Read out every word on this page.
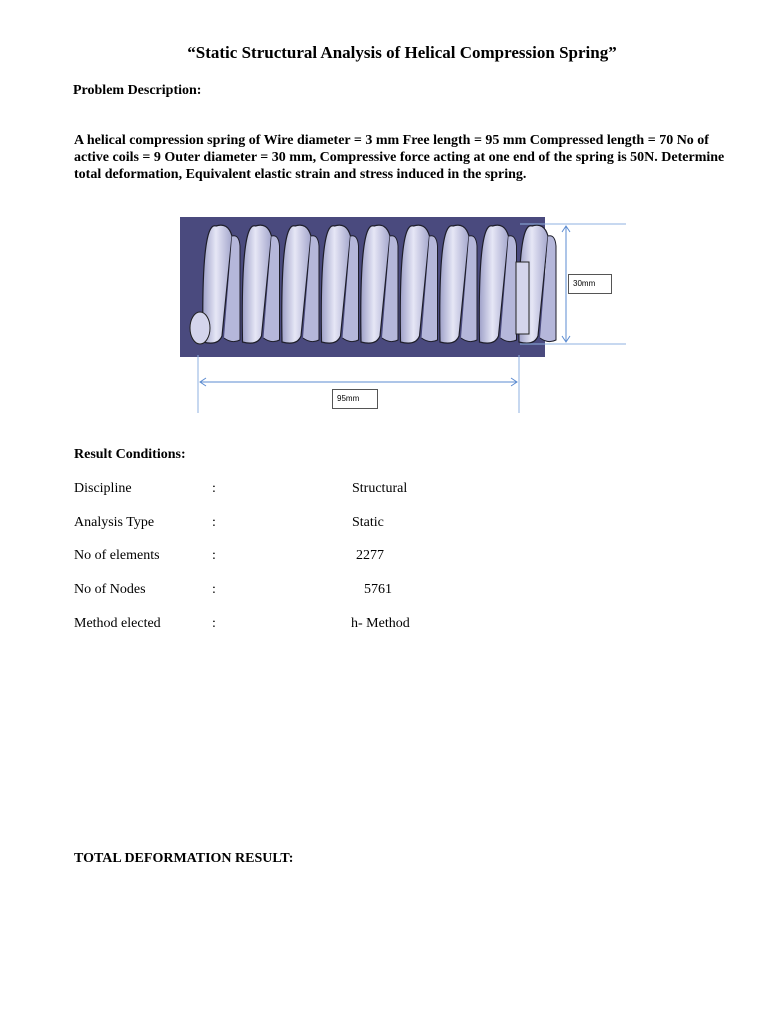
“Static Structural Analysis of Helical Compression Spring”
Problem Description:
A helical compression spring of Wire diameter = 3 mm Free length = 95 mm Compressed length = 70 No of active coils = 9 Outer diameter = 30 mm, Compressive force acting at one end of the spring is 50N. Determine total deformation, Equivalent elastic strain and stress induced in the spring.
30mm
95mm
Result Conditions:
Discipline	:	Structural
Analysis Type	:	Static
No of elements	:	2277
No of Nodes	:	5761
Method elected	:	h- Method
TOTAL DEFORMATION RESULT:
